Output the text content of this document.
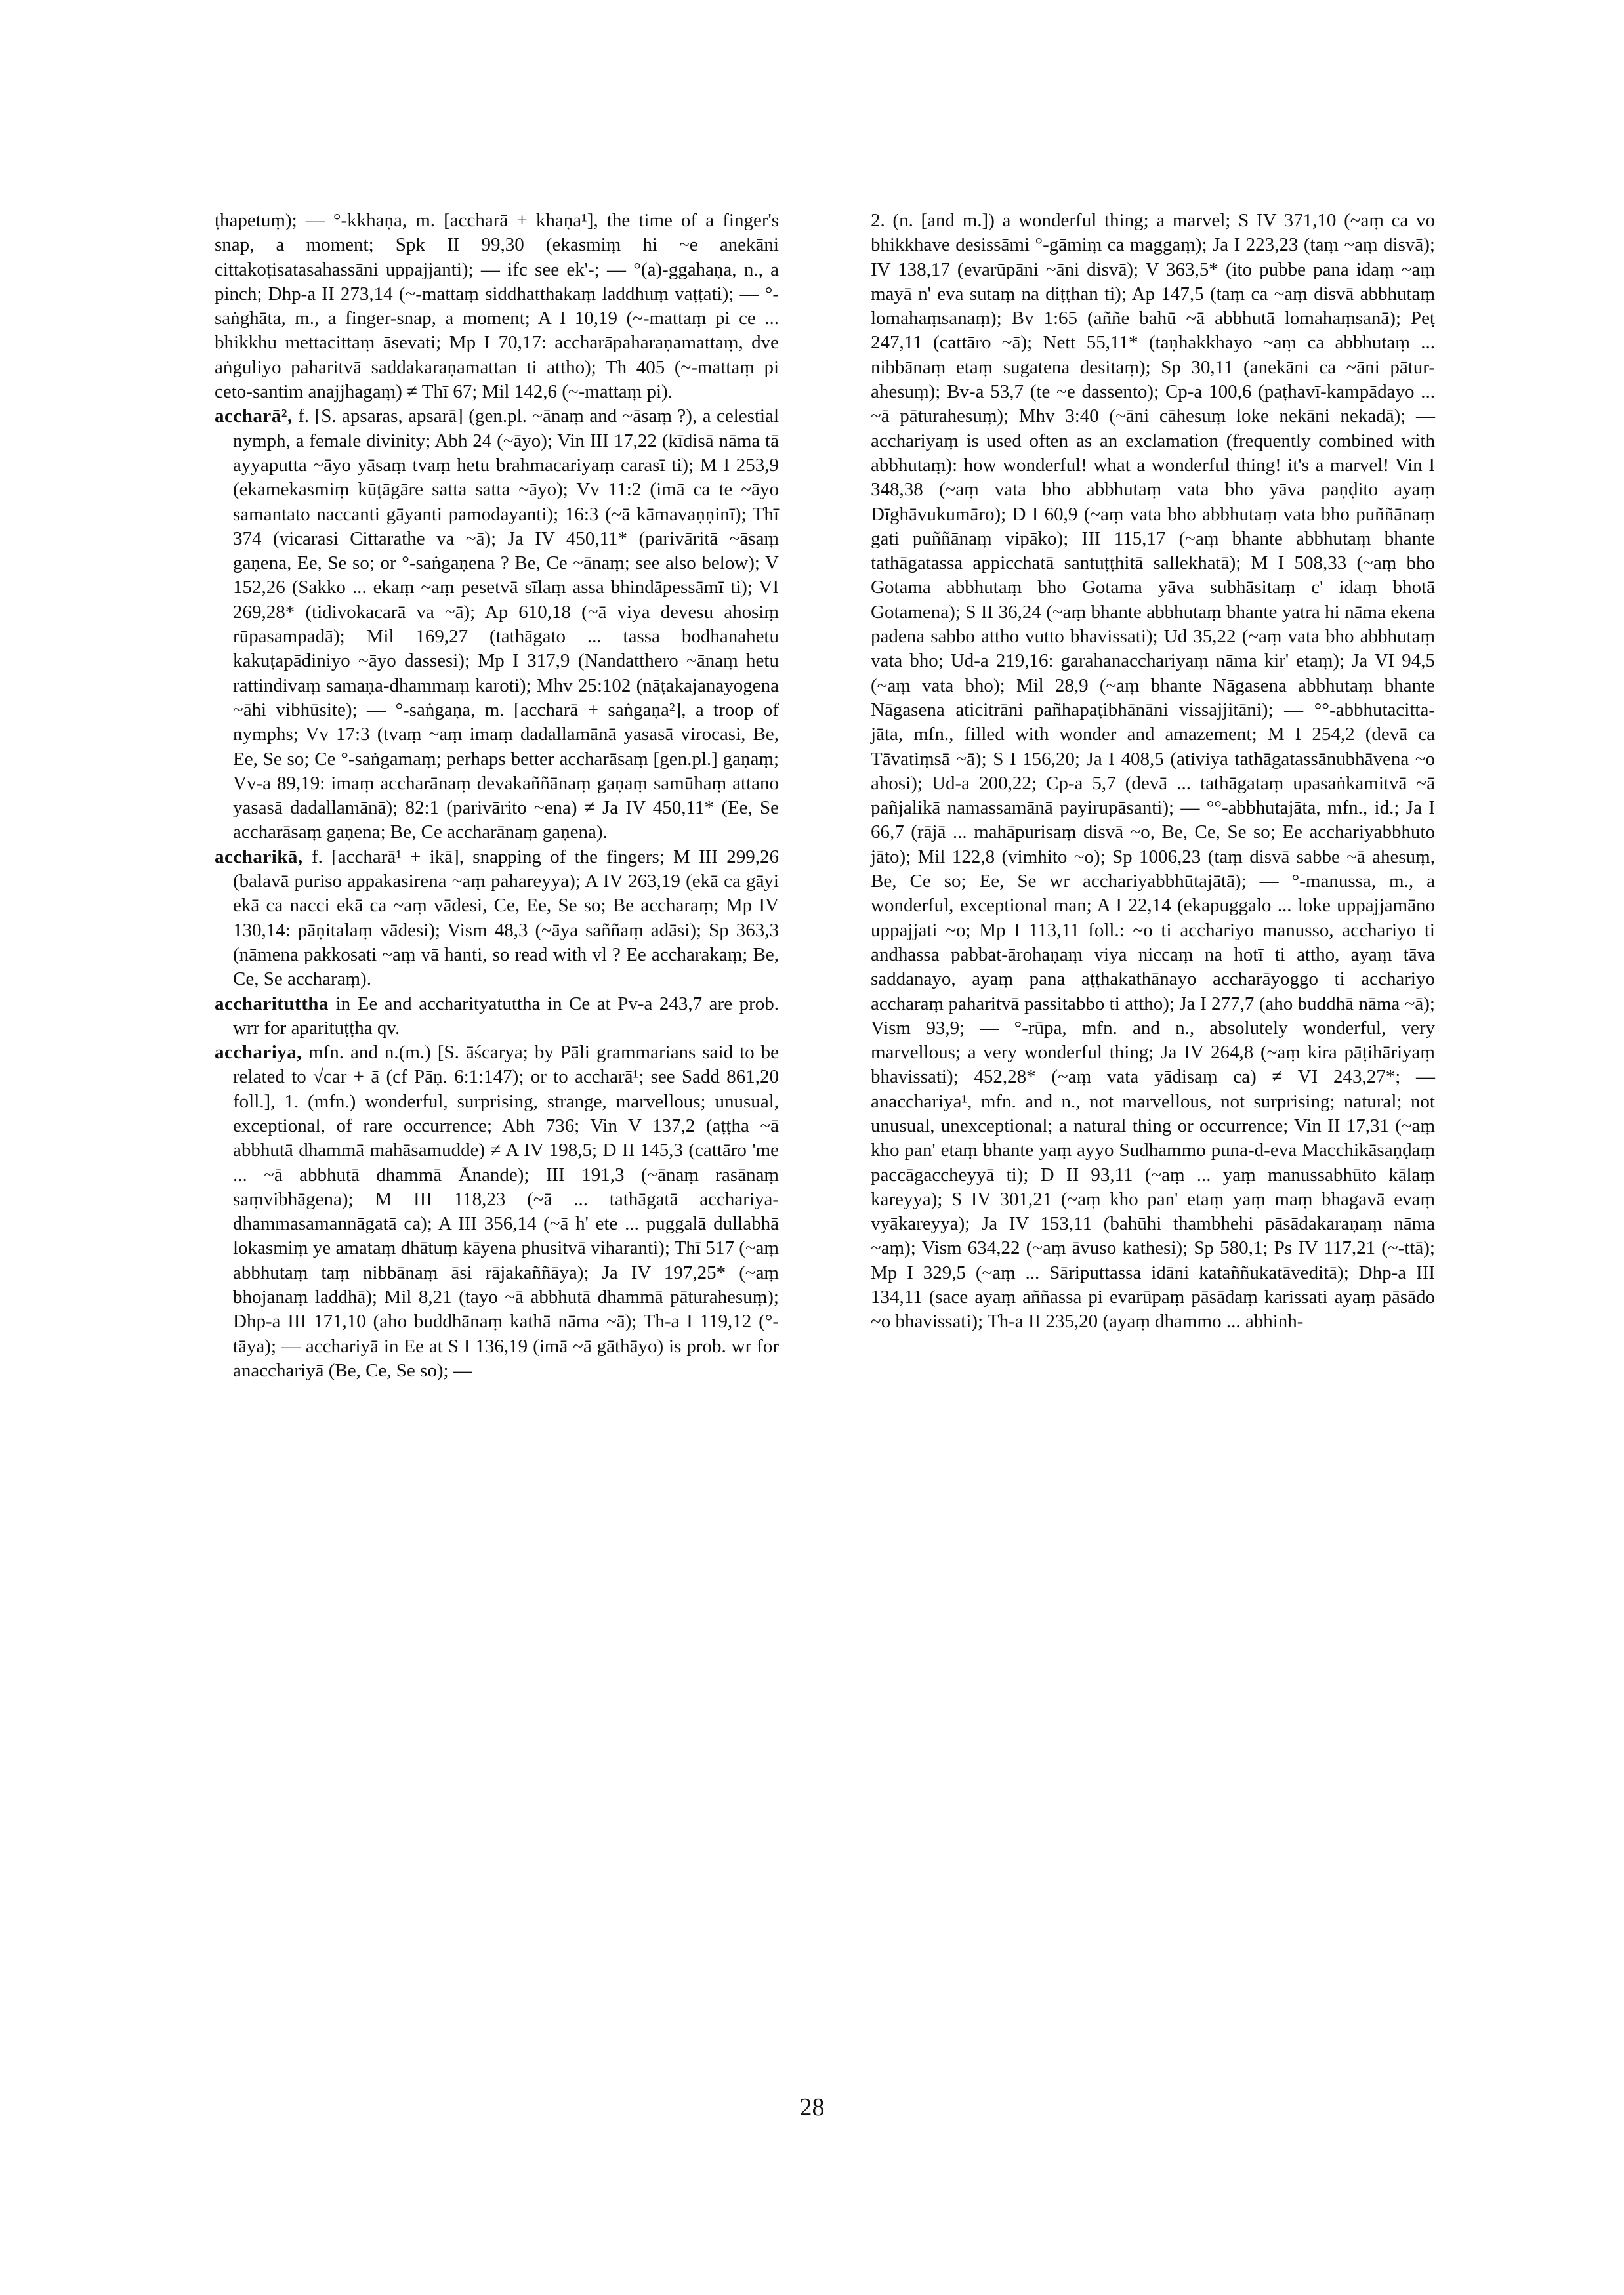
ṭhapetuṃ); — °-kkhaṇa, m. [accharā + khaṇa¹], the time of a finger's snap, a moment; Spk II 99,30 (ekasmiṃ hi ~e anekāni cittakoṭisatasahassāni uppajjanti); — ifc see ek'-; — °(a)-ggahaṇa, n., a pinch; Dhp-a II 273,14 (~-mattaṃ siddhatthakaṃ laddhuṃ vaṭṭati); — °-saṅghāta, m., a finger-snap, a moment; A I 10,19 (~-mattaṃ pi ce ... bhikkhu mettacittaṃ āsevati; Mp I 70,17: accharāpaharaṇamattaṃ, dve aṅguliyo paharitvā saddakaraṇamattan ti attho); Th 405 (~-mattaṃ pi ceto-santim anajjhagaṃ) ≠ Thī 67; Mil 142,6 (~-mattaṃ pi).

accharā², f. [S. apsaras, apsarā] (gen.pl. ~ānaṃ and ~āsaṃ ?), a celestial nymph, a female divinity; Abh 24 (~āyo); Vin III 17,22 (kīdisā nāma tā ayyaputta ~āyo yāsaṃ tvaṃ hetu brahmacariyaṃ carasī ti); M I 253,9 (ekamekasmiṃ kūṭāgāre satta satta ~āyo); Vv 11:2 (imā ca te ~āyo samantato naccanti gāyanti pamodayanti); 16:3 (~ā kāmavaṇṇinī); Thī 374 (vicarasi Cittarathe va ~ā); Ja IV 450,11* (parivāritā ~āsaṃ gaṇena, Ee, Se so; or °-saṅgaṇena ? Be, Ce ~ānaṃ; see also below); V 152,26 (Sakko ... ekaṃ ~aṃ pesetvā sīlaṃ assa bhindāpessāmī ti); VI 269,28* (tidivokacarā va ~ā); Ap 610,18 (~ā viya devesu ahosiṃ rūpasampadā); Mil 169,27 (tathāgato ... tassa bodhanahetu kakuṭapādiniyo ~āyo dassesi); Mp I 317,9 (Nandatthero ~ānaṃ hetu rattindivaṃ samaṇa-dhammaṃ karoti); Mhv 25:102 (nāṭakajanayogena ~āhi vibhūsite); — °-saṅgaṇa, m. [accharā + saṅgaṇa²], a troop of nymphs; Vv 17:3 (tvaṃ ~aṃ imaṃ dadallamānā yasasā virocasi, Be, Ee, Se so; Ce °-saṅgamaṃ; perhaps better accharāsaṃ [gen.pl.] gaṇaṃ; Vv-a 89,19: imaṃ accharānaṃ devakaññānaṃ gaṇaṃ samūhaṃ attano yasasā dadallamānā); 82:1 (parivārito ~ena) ≠ Ja IV 450,11* (Ee, Se accharāsaṃ gaṇena; Be, Ce accharānaṃ gaṇena).

accharikā, f. [accharā¹ + ikā], snapping of the fingers; M III 299,26 (balavā puriso appakasirena ~aṃ pahareyya); A IV 263,19 (ekā ca gāyi ekā ca nacci ekā ca ~aṃ vādesi, Ce, Ee, Se so; Be accharaṃ; Mp IV 130,14: pāṇitalaṃ vādesi); Vism 48,3 (~āya saññaṃ adāsi); Sp 363,3 (nāmena pakkosati ~aṃ vā hanti, so read with vl ? Ee accharakaṃ; Be, Ce, Se accharaṃ).

accharituttha in Ee and accharityatuttha in Ce at Pv-a 243,7 are prob. wrr for aparituṭṭha qv.

acchariya, mfn. and n.(m.) [S. āścarya; by Pāli grammarians said to be related to √car + ā (cf Pāṇ. 6:1:147); or to accharā¹; see Sadd 861,20 foll.], 1. (mfn.) wonderful, surprising, strange, marvellous; unusual, exceptional, of rare occurrence; Abh 736; Vin V 137,2 (aṭṭha ~ā abbhutā dhammā mahāsamudde) ≠ A IV 198,5; D II 145,3 (cattāro 'me ... ~ā abbhutā dhammā Ānande); III 191,3 (~ānaṃ rasānaṃ saṃvibhāgena); M III 118,23 (~ā ... tathāgatā acchariya-dhammasamannāgatā ca); A III 356,14 (~ā h' ete ... puggalā dullabhā lokasmiṃ ye amataṃ dhātuṃ kāyena phusitvā viharanti); Thī 517 (~aṃ abbhutaṃ taṃ nibbānaṃ āsi rājakaññāya); Ja IV 197,25* (~aṃ bhojanaṃ laddhā); Mil 8,21 (tayo ~ā abbhutā dhammā pāturahesuṃ); Dhp-a III 171,10 (aho buddhānaṃ kathā nāma ~ā); Th-a I 119,12 (°-tāya); — acchariyā in Ee at S I 136,19 (imā ~ā gāthāyo) is prob. wr for anacchariyā (Be, Ce, Se so); —

2. (n. [and m.]) a wonderful thing; a marvel; S IV 371,10 (~aṃ ca vo bhikkhave desissāmi °-gāmiṃ ca maggaṃ); Ja I 223,23 (taṃ ~aṃ disvā); IV 138,17 (evarūpāni ~āni disvā); V 363,5* (ito pubbe pana idaṃ ~aṃ mayā n' eva sutaṃ na diṭṭhan ti); Ap 147,5 (taṃ ca ~aṃ disvā abbhutaṃ lomahaṃsanaṃ); Bv 1:65 (aññe bahū ~ā abbhutā lomahaṃsanā); Peṭ 247,11 (cattāro ~ā); Nett 55,11* (taṇhakkhayo ~aṃ ca abbhutaṃ ... nibbānaṃ etaṃ sugatena desitaṃ); Sp 30,11 (anekāni ca ~āni pātur-ahesuṃ); Bv-a 53,7 (te ~e dassento); Cp-a 100,6 (paṭhavī-kampādayo ... ~ā pāturahesuṃ); Mhv 3:40 (~āni cāhesuṃ loke nekāni nekadā); — acchariyaṃ is used often as an exclamation (frequently combined with abbhutaṃ): how wonderful! what a wonderful thing! it's a marvel! Vin I 348,38 (~aṃ vata bho abbhutaṃ vata bho yāva paṇḍito ayaṃ Dīghāvukumāro); D I 60,9 (~aṃ vata bho abbhutaṃ vata bho puññānaṃ gati puññānaṃ vipāko); III 115,17 (~aṃ bhante abbhutaṃ bhante tathāgatassa appicchatā santuṭṭhitā sallekhatā); M I 508,33 (~aṃ bho Gotama abbhutaṃ bho Gotama yāva subhāsitaṃ c' idaṃ bhotā Gotamena); S II 36,24 (~aṃ bhante abbhutaṃ bhante yatra hi nāma ekena padena sabbo attho vutto bhavissati); Ud 35,22 (~aṃ vata bho abbhutaṃ vata bho; Ud-a 219,16: garahanacchariyaṃ nāma kir' etaṃ); Ja VI 94,5 (~aṃ vata bho); Mil 28,9 (~aṃ bhante Nāgasena abbhutaṃ bhante Nāgasena aticitrāni pañhapaṭibhānāni vissajjitāni); — °°-abbhutacitta-jāta, mfn., filled with wonder and amazement; M I 254,2 (devā ca Tāvatiṃsā ~ā); S I 156,20; Ja I 408,5 (ativiya tathāgatassānubhāvena ~o ahosi); Ud-a 200,22; Cp-a 5,7 (devā ... tathāgataṃ upasaṅkamitvā ~ā pañjalikā namassamānā payirupāsanti); — °°-abbhutajāta, mfn., id.; Ja I 66,7 (rājā ... mahāpurisaṃ disvā ~o, Be, Ce, Se so; Ee acchariyabbhuto jāto); Mil 122,8 (vimhito ~o); Sp 1006,23 (taṃ disvā sabbe ~ā ahesuṃ, Be, Ce so; Ee, Se wr acchariyabbhūtajātā); — °-manussa, m., a wonderful, exceptional man; A I 22,14 (ekapuggalo ... loke uppajjamāno uppajjati ~o; Mp I 113,11 foll.: ~o ti acchariyo manusso, acchariyo ti andhassa pabbat-ārohaṇaṃ viya niccaṃ na hotī ti attho, ayaṃ tāva saddanayo, ayaṃ pana aṭṭhakathānayo accharāyoggo ti acchariyo accharaṃ paharitvā passitabbo ti attho); Ja I 277,7 (aho buddhā nāma ~ā); Vism 93,9; — °-rūpa, mfn. and n., absolutely wonderful, very marvellous; a very wonderful thing; Ja IV 264,8 (~aṃ kira pāṭihāriyaṃ bhavissati); 452,28* (~aṃ vata yādisaṃ ca) ≠ VI 243,27*; — anacchariya¹, mfn. and n., not marvellous, not surprising; natural; not unusual, unexceptional; a natural thing or occurrence; Vin II 17,31 (~aṃ kho pan' etaṃ bhante yaṃ ayyo Sudhammo puna-d-eva Macchikāsaṇḍaṃ paccāgaccheyyā ti); D II 93,11 (~aṃ ... yaṃ manussabhūto kālaṃ kareyya); S IV 301,21 (~aṃ kho pan' etaṃ yaṃ maṃ bhagavā evaṃ vyākareyya); Ja IV 153,11 (bahūhi thambhehi pāsādakaraṇaṃ nāma ~aṃ); Vism 634,22 (~aṃ āvuso kathesi); Sp 580,1; Ps IV 117,21 (~-ttā); Mp I 329,5 (~aṃ ... Sāriputtassa idāni kataññukatāveditā); Dhp-a III 134,11 (sace ayaṃ aññassa pi evarūpaṃ pāsādaṃ karissati ayaṃ pāsādo ~o bhavissati); Th-a II 235,20 (ayaṃ dhammo ... abhinh-

28
